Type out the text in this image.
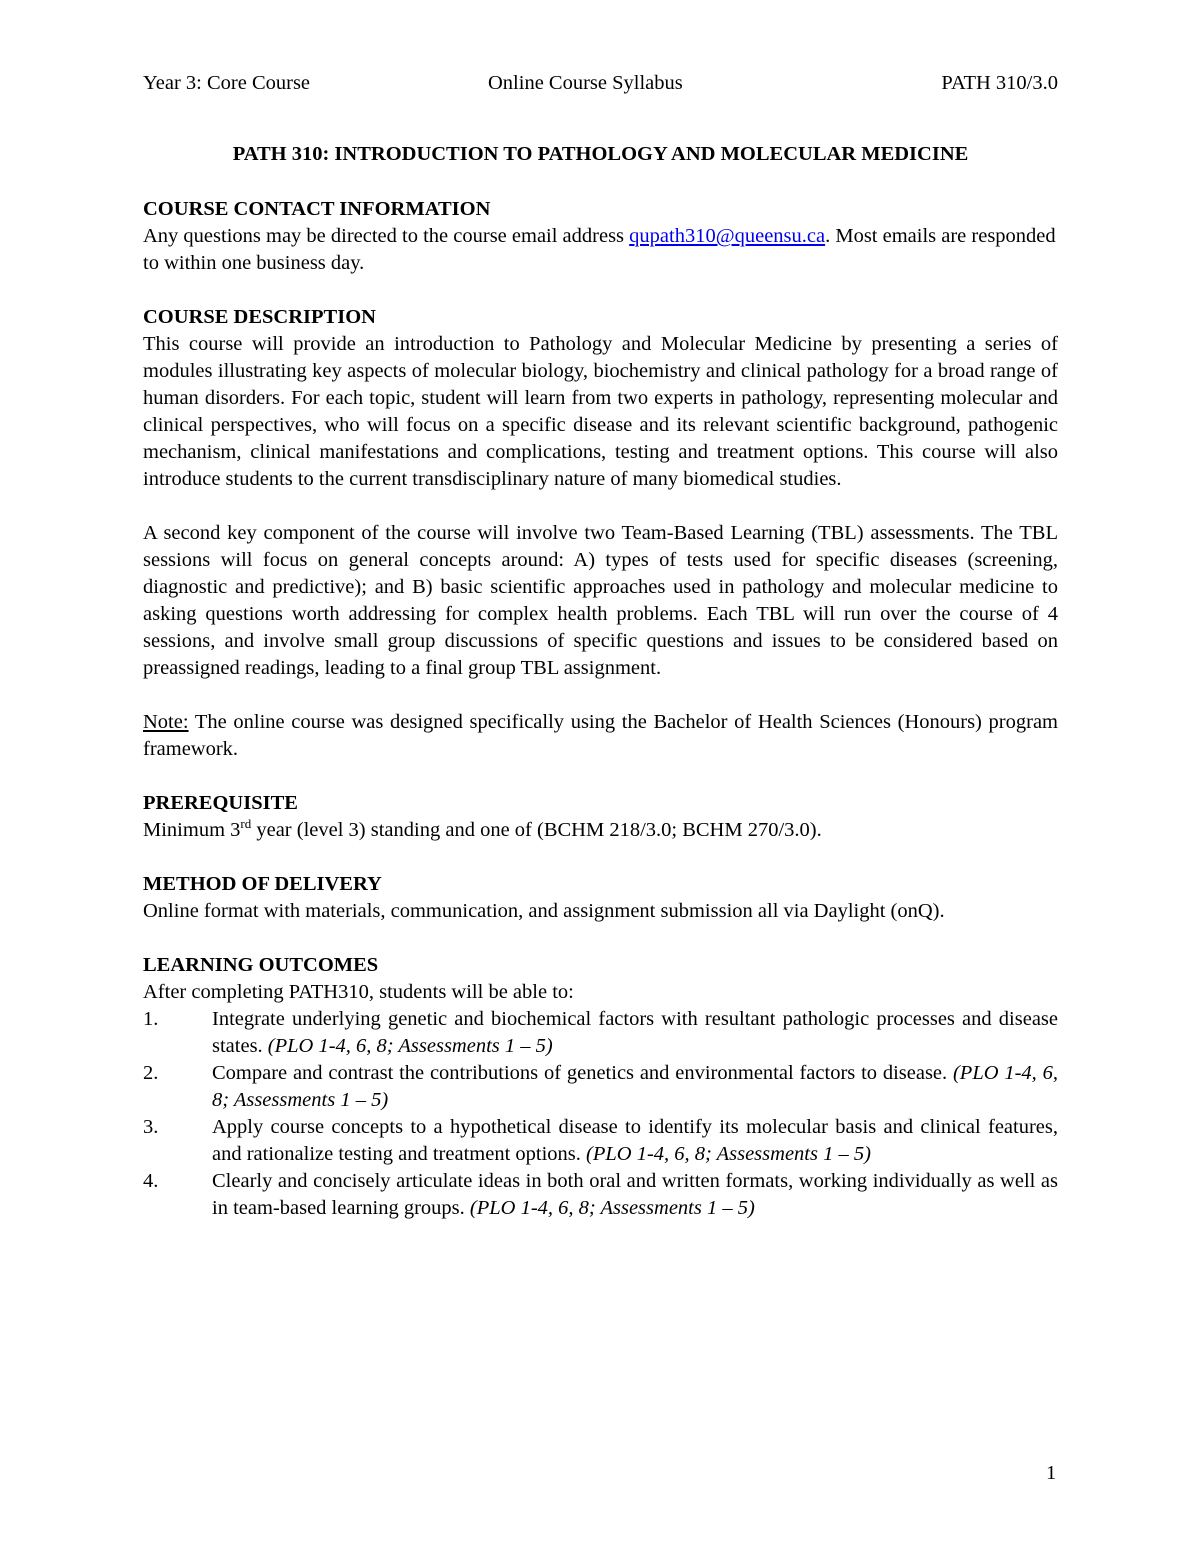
Year 3: Core Course	Online Course Syllabus	PATH 310/3.0

PATH 310: INTRODUCTION TO PATHOLOGY AND MOLECULAR MEDICINE

COURSE CONTACT INFORMATION

Any questions may be directed to the course email address qupath310@queensu.ca. Most emails are responded to within one business day.

COURSE DESCRIPTION

This course will provide an introduction to Pathology and Molecular Medicine by presenting a series of modules illustrating key aspects of molecular biology, biochemistry and clinical pathology for a broad range of human disorders. For each topic, student will learn from two experts in pathology, representing molecular and clinical perspectives, who will focus on a specific disease and its relevant scientific background, pathogenic mechanism, clinical manifestations and complications, testing and treatment options. This course will also introduce students to the current transdisciplinary nature of many biomedical studies.

A second key component of the course will involve two Team-Based Learning (TBL) assessments. The TBL sessions will focus on general concepts around: A) types of tests used for specific diseases (screening, diagnostic and predictive); and B) basic scientific approaches used in pathology and molecular medicine to asking questions worth addressing for complex health problems. Each TBL will run over the course of 4 sessions, and involve small group discussions of specific questions and issues to be considered based on preassigned readings, leading to a final group TBL assignment.

Note: The online course was designed specifically using the Bachelor of Health Sciences (Honours) program framework.

PREREQUISITE

Minimum 3rd year (level 3) standing and one of (BCHM 218/3.0; BCHM 270/3.0).

METHOD OF DELIVERY

Online format with materials, communication, and assignment submission all via Daylight (onQ).

LEARNING OUTCOMES

After completing PATH310, students will be able to:

1.	Integrate underlying genetic and biochemical factors with resultant pathologic processes and disease states. (PLO 1-4, 6, 8; Assessments 1 – 5)
2.	Compare and contrast the contributions of genetics and environmental factors to disease. (PLO 1-4, 6, 8; Assessments 1 – 5)
3.	Apply course concepts to a hypothetical disease to identify its molecular basis and clinical features, and rationalize testing and treatment options. (PLO 1-4, 6, 8; Assessments 1 – 5)
4.	Clearly and concisely articulate ideas in both oral and written formats, working individually as well as in team-based learning groups. (PLO 1-4, 6, 8; Assessments 1 – 5)
1
